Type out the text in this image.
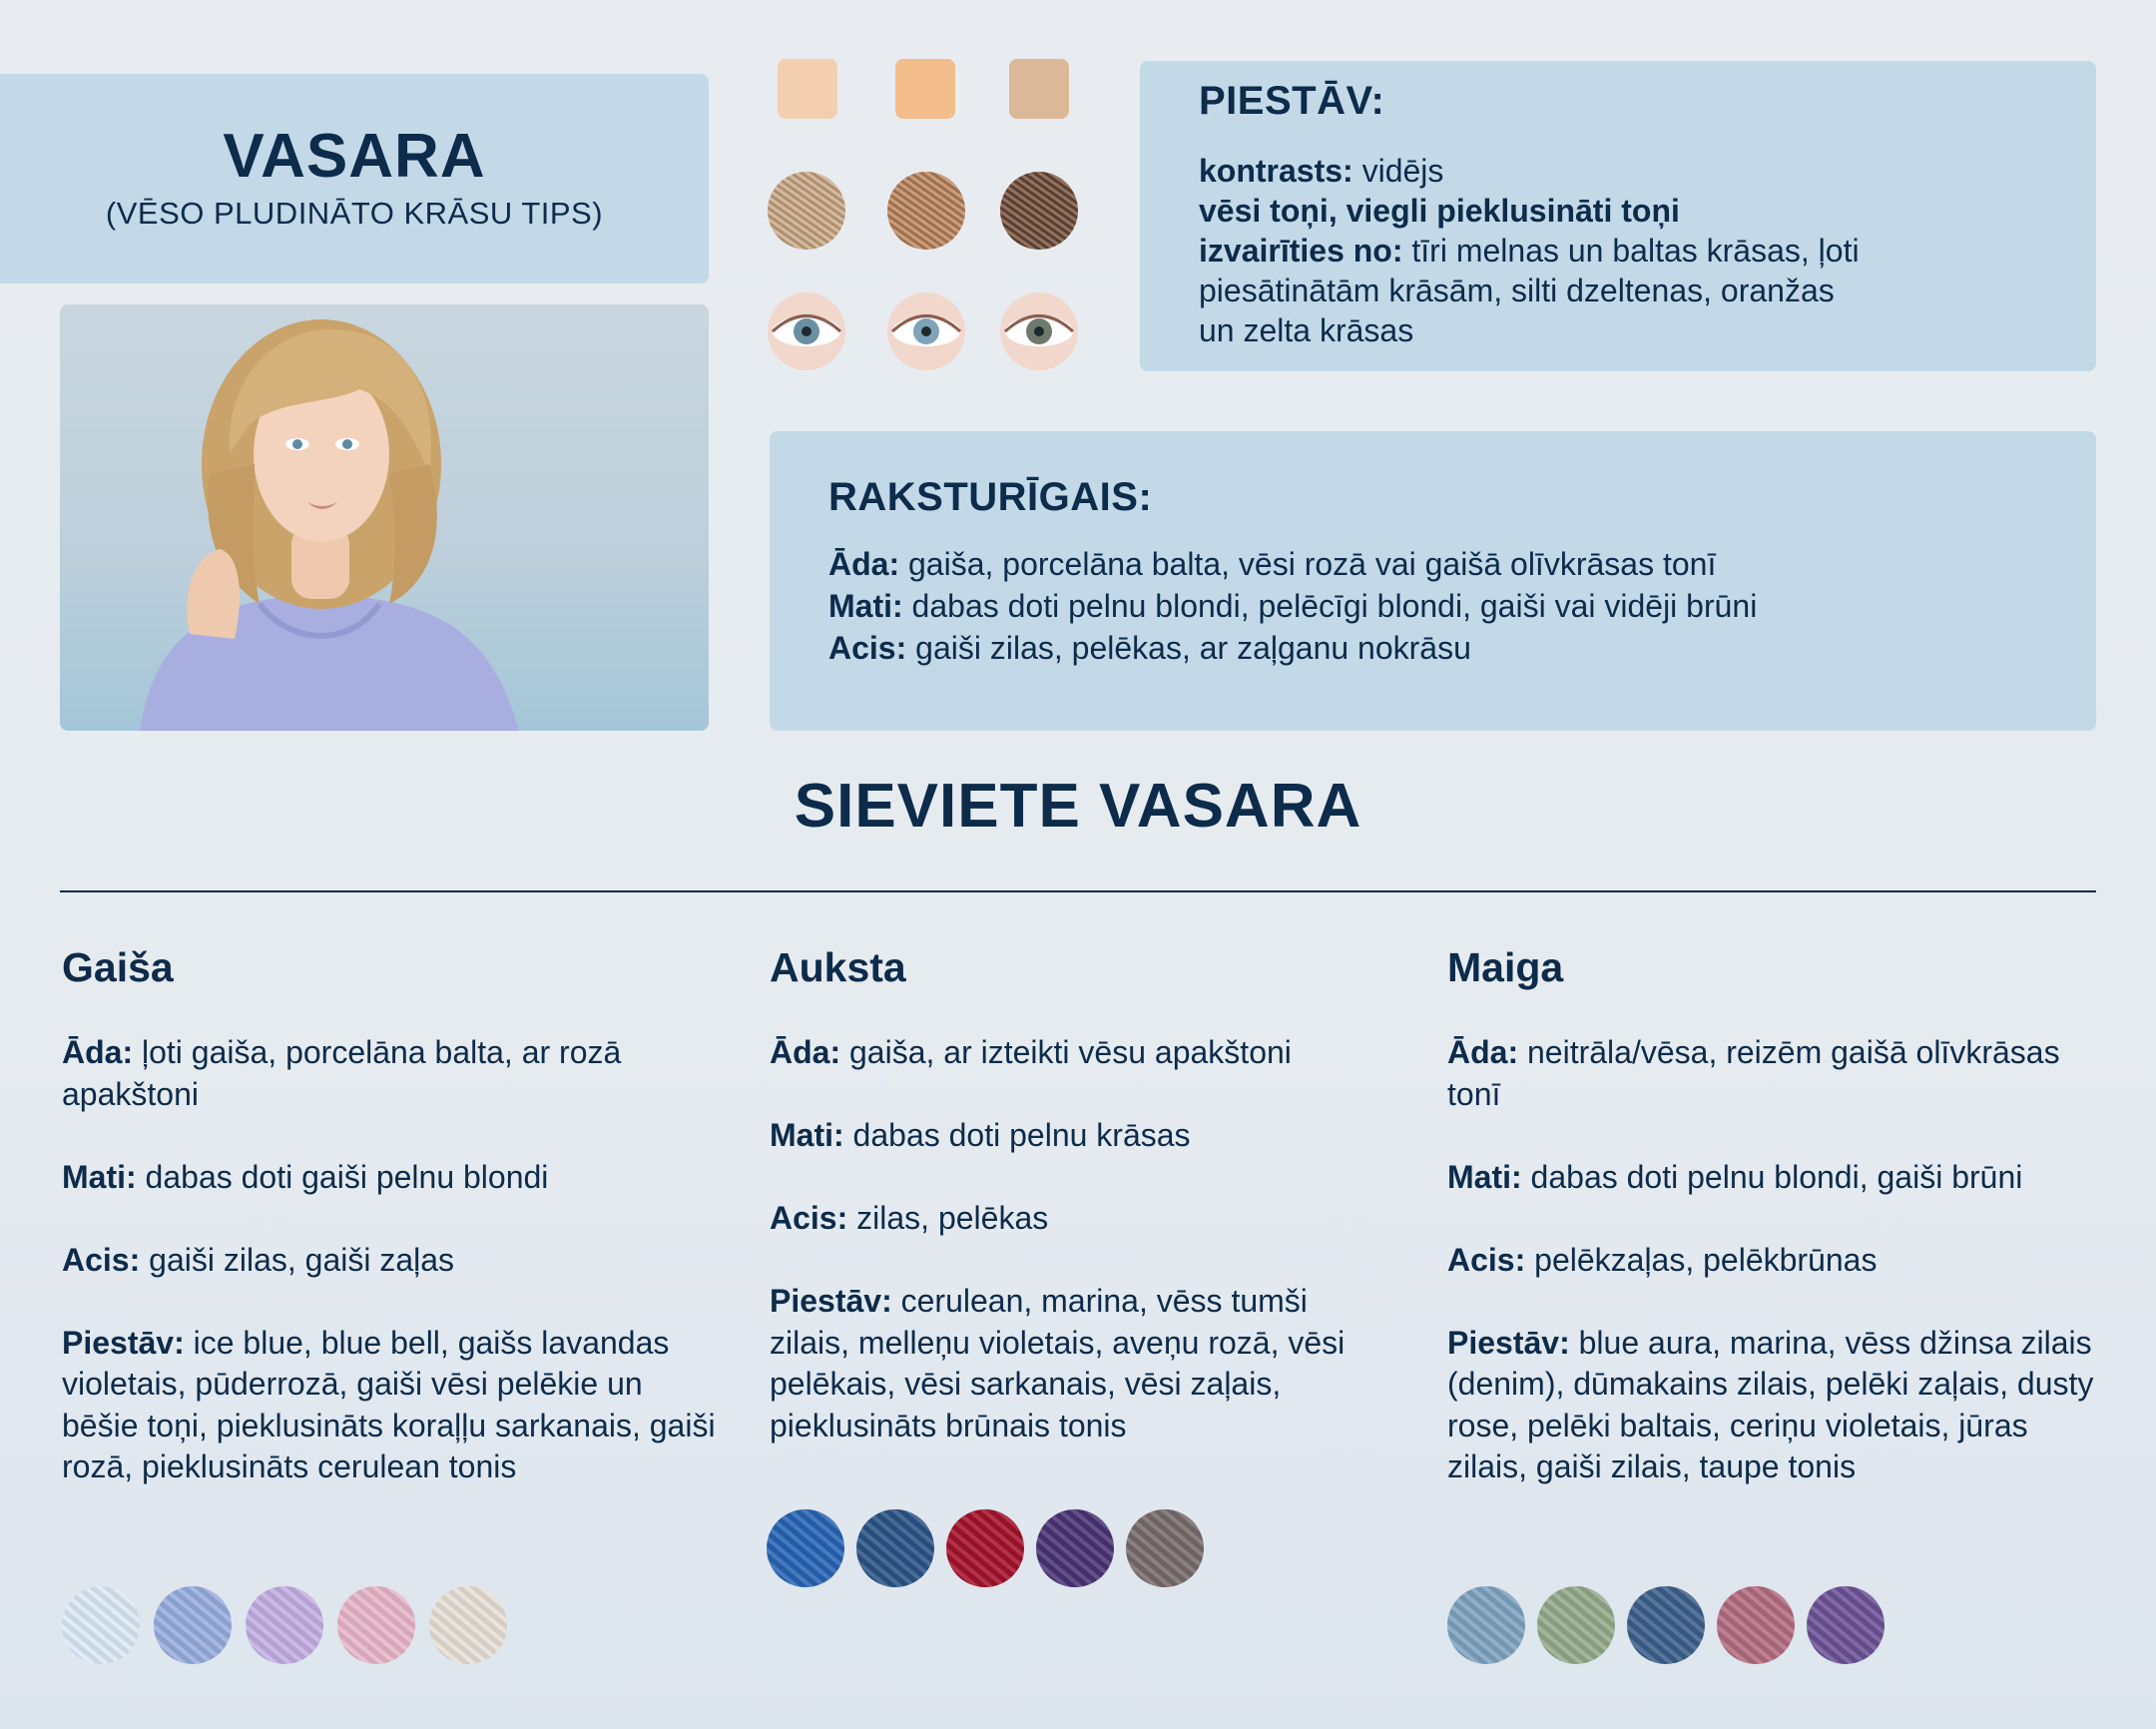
VASARA
(VĒSO PLUDINĀTO KRĀSU TIPS)
PIESTĀV:
kontrasts: vidējs
vēsi toņi, viegli pieklusināti toņi
izvairīties no: tīri melnas un baltas krāsas, ļoti
piesātinātām krāsām, silti dzeltenas, oranžas
un zelta krāsas
RAKSTURĪGAIS:
Āda: gaiša, porcelāna balta, vēsi rozā vai gaišā olīvkrāsas tonī
Mati: dabas doti pelnu blondi, pelēcīgi blondi, gaiši vai vidēji brūni
Acis: gaiši zilas, pelēkas, ar zaļganu nokrāsu
SIEVIETE VASARA
Gaiša

Āda: ļoti gaiša, porcelāna balta, ar rozā apakštoni

Mati: dabas doti gaiši pelnu blondi

Acis: gaiši zilas, gaiši zaļas

Piestāv: ice blue, blue bell, gaišs lavandas violetais, pūderrozā, gaiši vēsi pelēkie un bēšie toņi, pieklusināts koraļļu sarkanais, gaiši rozā, pieklusināts cerulean tonis

Auksta

Āda: gaiša, ar izteikti vēsu apakštoni

Mati: dabas doti pelnu krāsas

Acis: zilas, pelēkas

Piestāv: cerulean, marina, vēss tumši zilais, melleņu violetais, aveņu rozā, vēsi pelēkais, vēsi sarkanais, vēsi zaļais, pieklusināts brūnais tonis

Maiga

Āda: neitrāla/vēsa, reizēm gaišā olīvkrāsas tonī

Mati: dabas doti pelnu blondi, gaiši brūni

Acis: pelēkzaļas, pelēkbrūnas

Piestāv: blue aura, marina, vēss džinsa zilais (denim), dūmakains zilais, pelēki zaļais, dusty rose, pelēki baltais, ceriņu violetais, jūras zilais, gaiši zilais, taupe tonis
